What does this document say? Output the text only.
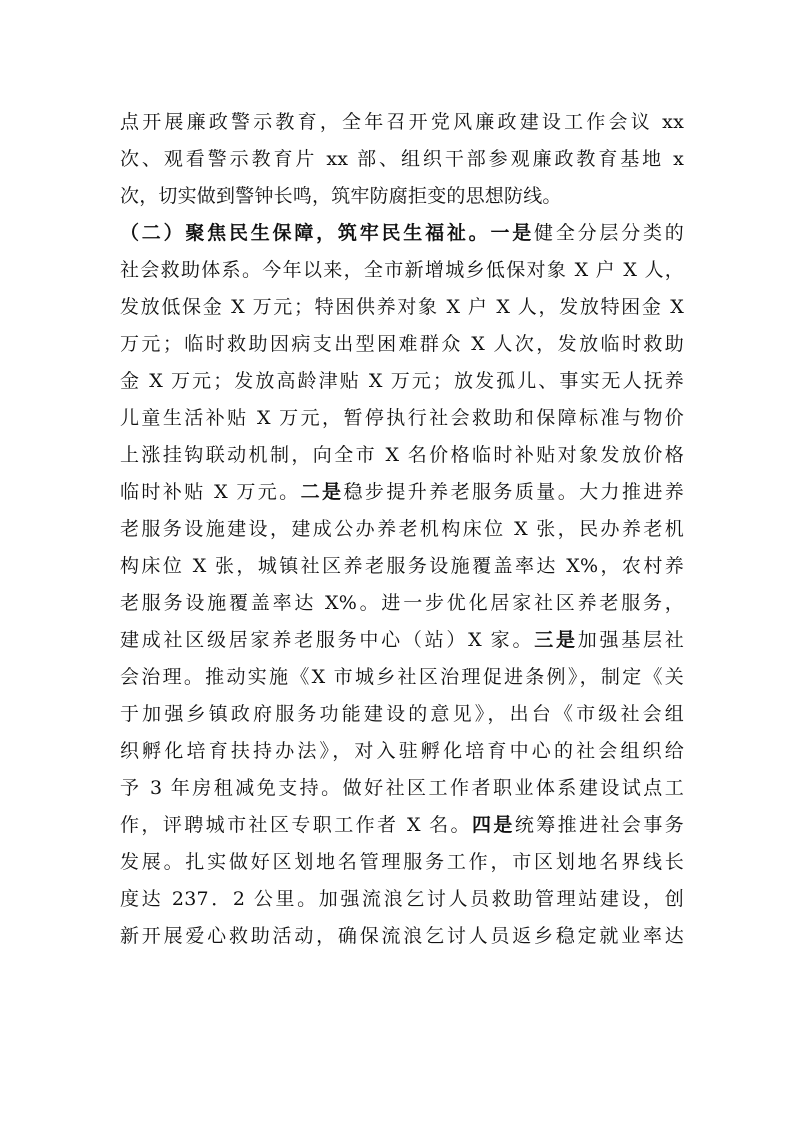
点开展廉政警示教育，全年召开党风廉政建设工作会议 xx
次、观看警示教育片 xx 部、组织干部参观廉政教育基地 x
次，切实做到警钟长鸣，筑牢防腐拒变的思想防线。
（二）聚焦民生保障，筑牢民生福祉。一是健全分层分类的
社会救助体系。今年以来，全市新增城乡低保对象 X 户 X 人，
发放低保金 X 万元；特困供养对象 X 户 X 人，发放特困金 X
万元；临时救助因病支出型困难群众 X 人次，发放临时救助
金 X 万元；发放高龄津贴 X 万元；放发孤儿、事实无人抚养
儿童生活补贴 X 万元，暂停执行社会救助和保障标准与物价
上涨挂钩联动机制，向全市 X 名价格临时补贴对象发放价格
临时补贴 X 万元。二是稳步提升养老服务质量。大力推进养
老服务设施建设，建成公办养老机构床位 X 张，民办养老机
构床位 X 张，城镇社区养老服务设施覆盖率达 X%，农村养
老服务设施覆盖率达 X%。进一步优化居家社区养老服务，
建成社区级居家养老服务中心（站）X 家。三是加强基层社
会治理。推动实施《X 市城乡社区治理促进条例》，制定《关
于加强乡镇政府服务功能建设的意见》，出台《市级社会组
织孵化培育扶持办法》，对入驻孵化培育中心的社会组织给
予 3 年房租减免支持。做好社区工作者职业体系建设试点工
作，评聘城市社区专职工作者 X 名。四是统筹推进社会事务
发展。扎实做好区划地名管理服务工作，市区划地名界线长
度达 237．2 公里。加强流浪乞讨人员救助管理站建设，创
新开展爱心救助活动，确保流浪乞讨人员返乡稳定就业率达
